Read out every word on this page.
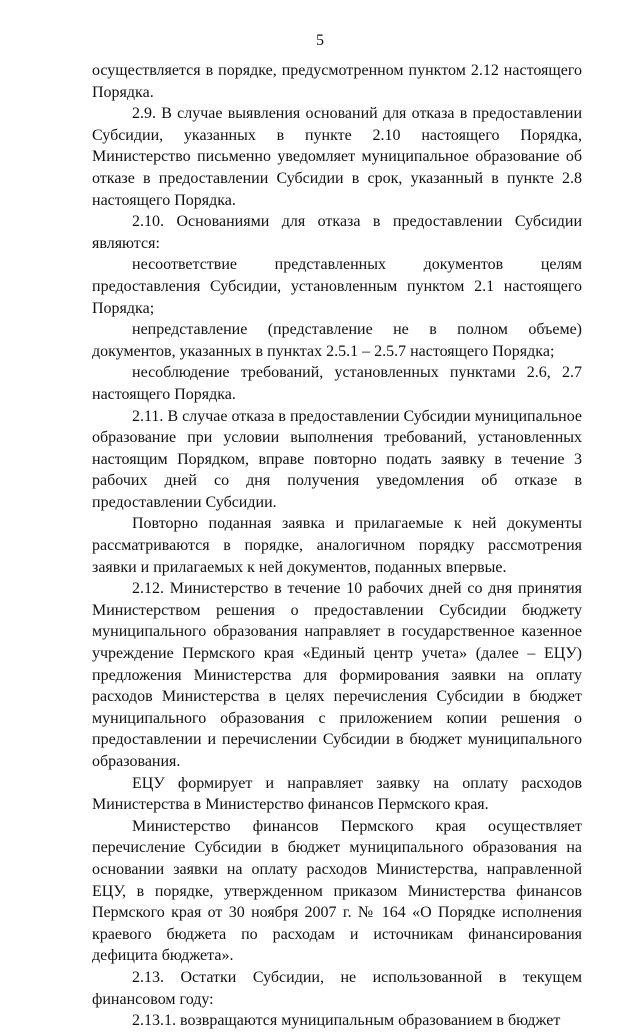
5

осуществляется в порядке, предусмотренном пунктом 2.12 настоящего Порядка.

2.9. В случае выявления оснований для отказа в предоставлении Субсидии, указанных в пункте 2.10 настоящего Порядка, Министерство письменно уведомляет муниципальное образование об отказе в предоставлении Субсидии в срок, указанный в пункте 2.8 настоящего Порядка.

2.10. Основаниями для отказа в предоставлении Субсидии являются:

несоответствие представленных документов целям предоставления Субсидии, установленным пунктом 2.1 настоящего Порядка;

непредставление (представление не в полном объеме) документов, указанных в пунктах 2.5.1 – 2.5.7 настоящего Порядка;

несоблюдение требований, установленных пунктами 2.6, 2.7 настоящего Порядка.

2.11. В случае отказа в предоставлении Субсидии муниципальное образование при условии выполнения требований, установленных настоящим Порядком, вправе повторно подать заявку в течение 3 рабочих дней со дня получения уведомления об отказе в предоставлении Субсидии.

Повторно поданная заявка и прилагаемые к ней документы рассматриваются в порядке, аналогичном порядку рассмотрения заявки и прилагаемых к ней документов, поданных впервые.

2.12. Министерство в течение 10 рабочих дней со дня принятия Министерством решения о предоставлении Субсидии бюджету муниципального образования направляет в государственное казенное учреждение Пермского края «Единый центр учета» (далее – ЕЦУ) предложения Министерства для формирования заявки на оплату расходов Министерства в целях перечисления Субсидии в бюджет муниципального образования с приложением копии решения о предоставлении и перечислении Субсидии в бюджет муниципального образования.

ЕЦУ формирует и направляет заявку на оплату расходов Министерства в Министерство финансов Пермского края.

Министерство финансов Пермского края осуществляет перечисление Субсидии в бюджет муниципального образования на основании заявки на оплату расходов Министерства, направленной ЕЦУ, в порядке, утвержденном приказом Министерства финансов Пермского края от 30 ноября 2007 г. № 164 «О Порядке исполнения краевого бюджета по расходам и источникам финансирования дефицита бюджета».

2.13. Остатки Субсидии, не использованной в текущем финансовом году:

2.13.1. возвращаются муниципальным образованием в бюджет
